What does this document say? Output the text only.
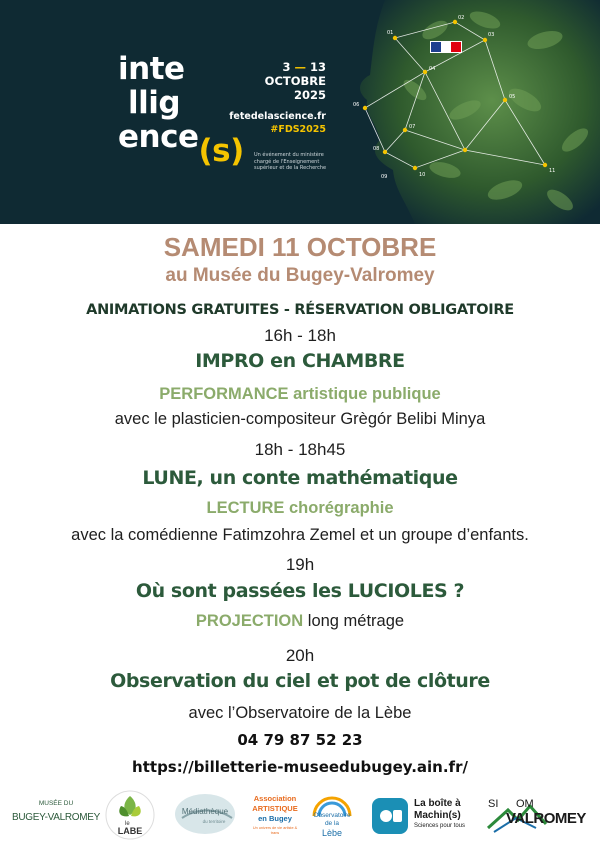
01
02
03
04
05
06
07
08
09	10
11
inte
llig
ence(s)
3 — 13
OCTOBRE
2025
fetedelascience.fr
#FDS2025
Un événement du ministère chargé de l'Enseignement supérieur et de la Recherche
SAMEDI 11 OCTOBRE
au Musée du Bugey-Valromey
ANIMATIONS GRATUITES - RÉSERVATION OBLIGATOIRE
16h - 18h
IMPRO en CHAMBRE
PERFORMANCE artistique publique
avec le plasticien-compositeur Grègór Belibi Minya
18h - 18h45
LUNE, un conte mathématique
LECTURE chorégraphie
avec la comédienne Fatimzohra Zemel et un groupe d’enfants.
19h
Où sont passées les LUCIOLES ?
PROJECTION long métrage
20h
Observation du ciel et pot de clôture
avec l’Observatoire de la Lèbe
04 79 87 52 23
https://billetterie-museedubugey.ain.fr/
MUSÉE DU
BUGEY-VALROMEY
le
LABE
Médiathèque
du territoire
Association
ARTISTIQUE
en Bugey
Un univers de vie artiste & trans
Observatoire
de la
Lèbe
La boîte à
Machin(s)
Sciences pour tous
SI OM
VALROMEY
